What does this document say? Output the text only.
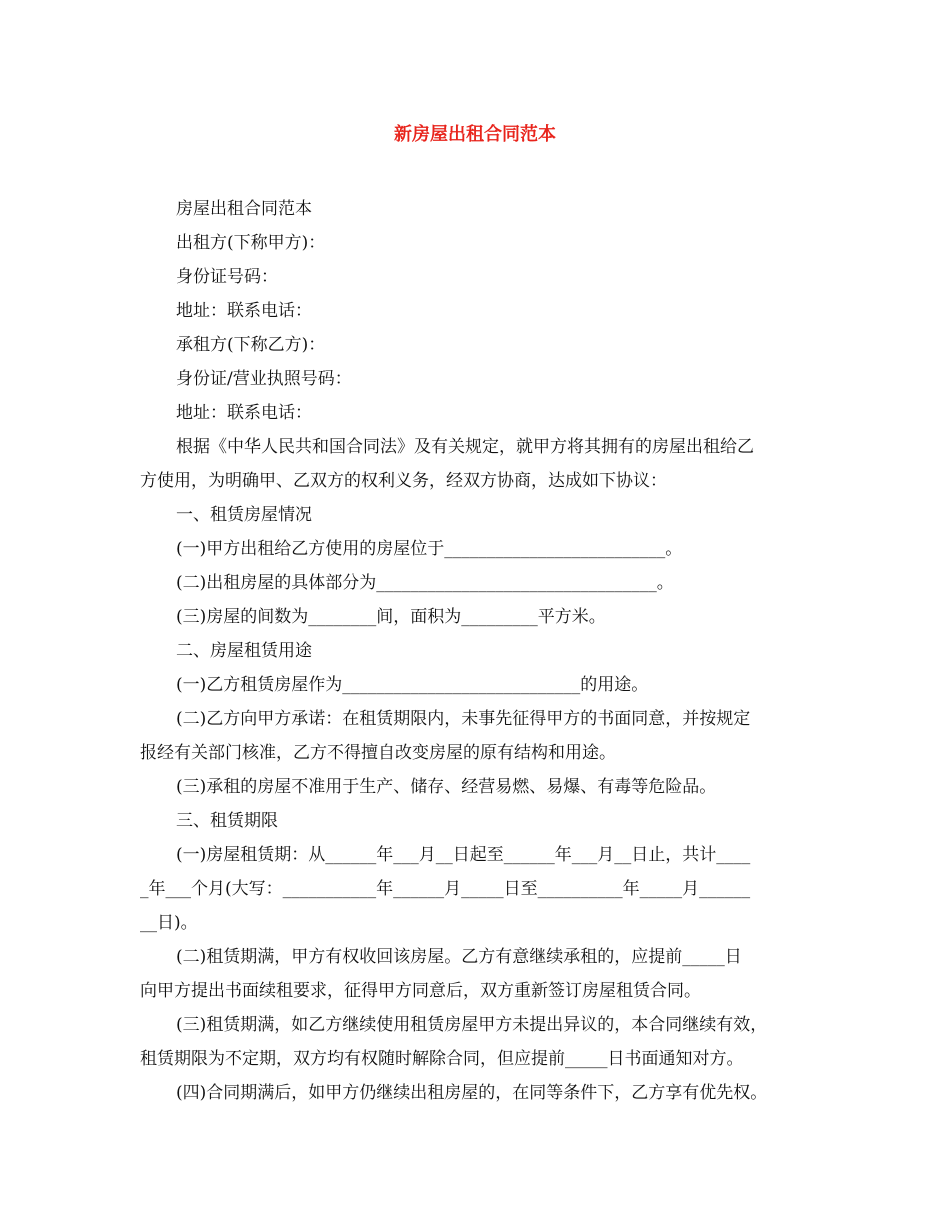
新房屋出租合同范本

房屋出租合同范本

出租方(下称甲方)：

身份证号码：

地址：联系电话：

承租方(下称乙方)：

身份证/营业执照号码：

地址：联系电话：

根据《中华人民共和国合同法》及有关规定，就甲方将其拥有的房屋出租给乙
方使用，为明确甲、乙双方的权利义务，经双方协商，达成如下协议：

一、租赁房屋情况

(一)甲方出租给乙方使用的房屋位于__________________________。

(二)出租房屋的具体部分为_________________________________。

(三)房屋的间数为________间，面积为_________平方米。

二、房屋租赁用途

(一)乙方租赁房屋作为____________________________的用途。

(二)乙方向甲方承诺：在租赁期限内，未事先征得甲方的书面同意，并按规定
报经有关部门核准，乙方不得擅自改变房屋的原有结构和用途。

(三)承租的房屋不准用于生产、储存、经营易燃、易爆、有毒等危险品。

三、租赁期限

(一)房屋租赁期：从______年___月__日起至______年___月__日止，共计____
_年___个月(大写：___________年______月_____日至__________年_____月______
__日)。
(二)租赁期满，甲方有权收回该房屋。乙方有意继续承租的，应提前_____日
向甲方提出书面续租要求，征得甲方同意后，双方重新签订房屋租赁合同。
(三)租赁期满，如乙方继续使用租赁房屋甲方未提出异议的，本合同继续有效，
租赁期限为不定期，双方均有权随时解除合同，但应提前_____日书面通知对方。

(四)合同期满后，如甲方仍继续出租房屋的，在同等条件下，乙方享有优先权。
